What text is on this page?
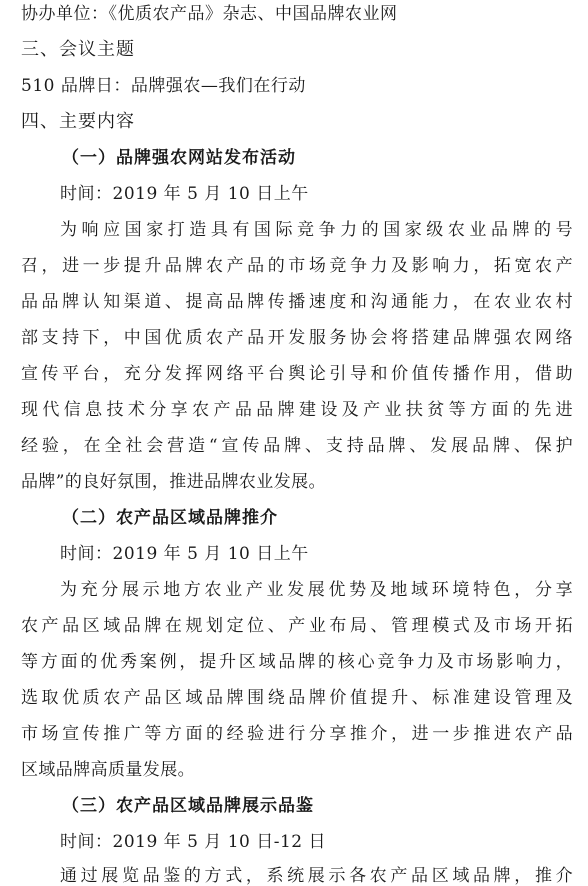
协办单位：《优质农产品》杂志、中国品牌农业网
三、会议主题
510 品牌日：品牌强农—我们在行动
四、主要内容
（一）品牌强农网站发布活动
时间：2019 年 5 月 10 日上午
为响应国家打造具有国际竞争力的国家级农业品牌的号
召，进一步提升品牌农产品的市场竞争力及影响力，拓宽农产
品品牌认知渠道、提高品牌传播速度和沟通能力，在农业农村
部支持下，中国优质农产品开发服务协会将搭建品牌强农网络
宣传平台，充分发挥网络平台舆论引导和价值传播作用，借助
现代信息技术分享农产品品牌建设及产业扶贫等方面的先进
经验，在全社会营造“宣传品牌、支持品牌、发展品牌、保护
品牌”的良好氛围，推进品牌农业发展。
（二）农产品区域品牌推介
时间：2019 年 5 月 10 日上午
为充分展示地方农业产业发展优势及地域环境特色，分享
农产品区域品牌在规划定位、产业布局、管理模式及市场开拓
等方面的优秀案例，提升区域品牌的核心竞争力及市场影响力，
选取优质农产品区域品牌围绕品牌价值提升、标准建设管理及
市场宣传推广等方面的经验进行分享推介，进一步推进农产品
区域品牌高质量发展。
（三）农产品区域品牌展示品鉴
时间：2019 年 5 月 10 日-12 日
通过展览品鉴的方式，系统展示各农产品区域品牌，推介
